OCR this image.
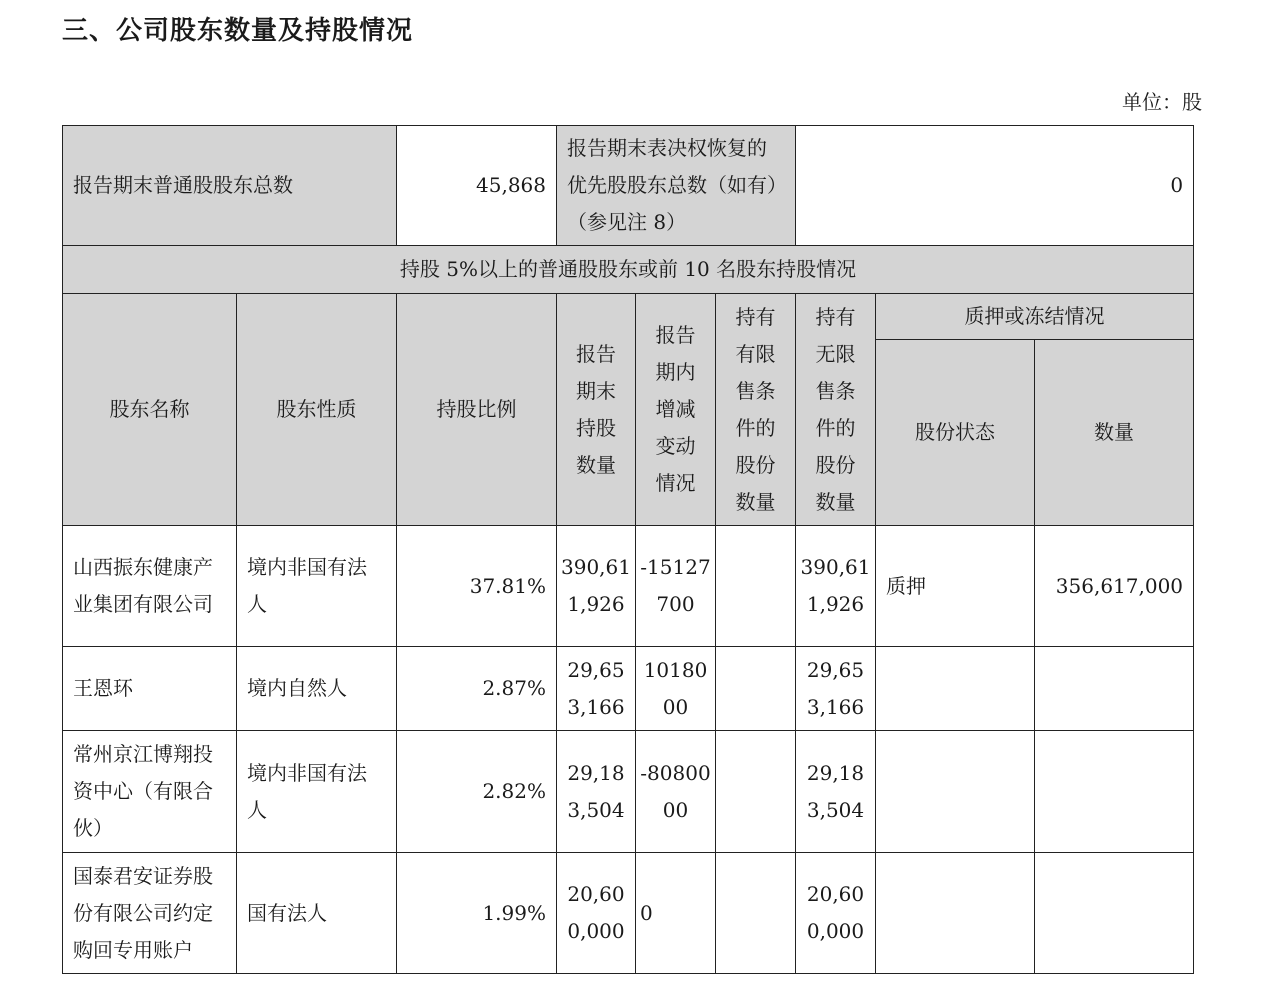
三、公司股东数量及持股情况
单位：股
报告期末普通股股东总数		45,868	报告期末表决权恢复的优先股股东总数（如有）（参见注 8）			0		
持股 5%以上的普通股股东或前 10 名股东持股情况								
股东名称	股东性质	持股比例	报告期末持股数量	报告期内增减变动情况	持有有限售条件的股份数量	持有无限售条件的股份数量	质押或冻结情况	
							股份状态	数量
山西振东健康产业集团有限公司	境内非国有法人	37.81%	390,611,926	-15127700		390,611,926	质押	356,617,000
王恩环	境内自然人	2.87%	29,653,166	1018000		29,653,166		
常州京江博翔投资中心（有限合伙）	境内非国有法人	2.82%	29,183,504	-8080000		29,183,504		
国泰君安证券股份有限公司约定购回专用账户	国有法人	1.99%	20,600,000	0		20,600,000		
